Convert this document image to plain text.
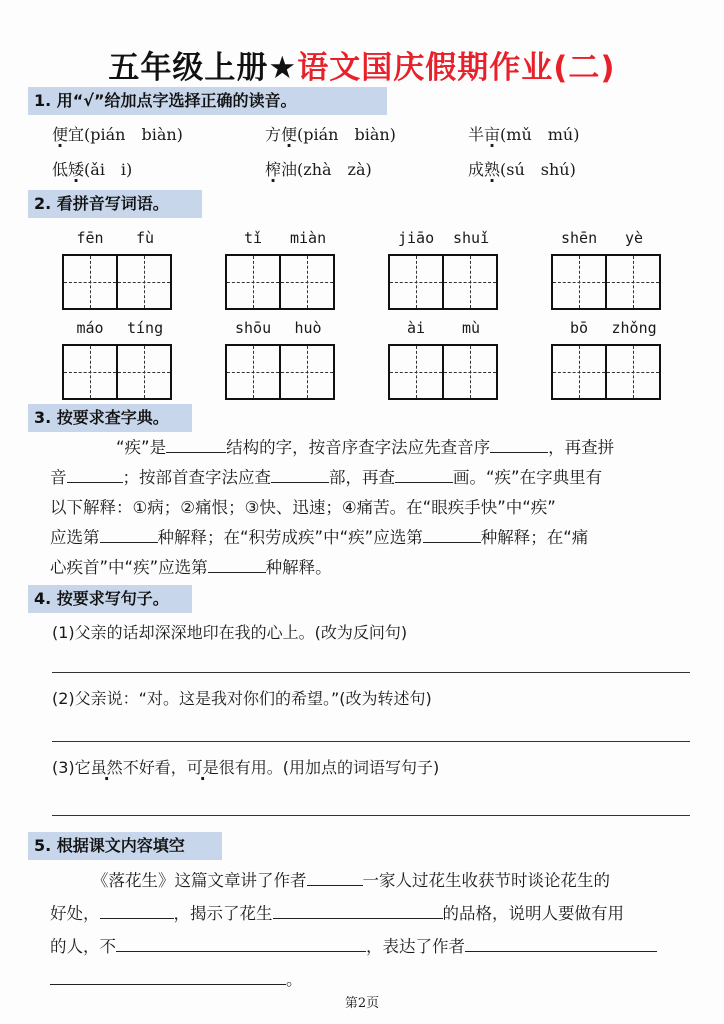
五年级上册★语文国庆假期作业(二)
1. 用“√”给加点字选择正确的读音。
便宜(pián　biàn)	方便(pián　biàn)	半亩(mǔ　mú)
低矮(ǎi　i)	榨油(zhà　zà)	成熟(sú　shú)
2. 看拼音写词语。
fēn fù	tǐ miàn	jiāo shuǐ	shēn yè
máo tíng	shōu huò	ài mù	bō zhǒng
3. 按要求查字典。
“疾”是	结构的字，按音序查字法应先查音序	，再查拼
音	；按部首查字法应查	部，再查	画。“疾”在字典里有
以下解释：①病；②痛恨；③快、迅速；④痛苦。在“眼疾手快”中“疾”
应选第	种解释；在“积劳成疾”中“疾”应选第	种解释；在“痛
心疾首”中“疾”应选第	种解释。
4. 按要求写句子。
(1)父亲的话却深深地印在我的心上。(改为反问句)
(2)父亲说：“对。这是我对你们的希望。”(改为转述句)
(3)它虽然不好看，可是很有用。(用加点的词语写句子)
5. 根据课文内容填空
《落花生》这篇文章讲了作者	一家人过花生收获节时谈论花生的
好处，	，揭示了花生	的品格，说明人要做有用
的人，不	，表达了作者
。
第2页
